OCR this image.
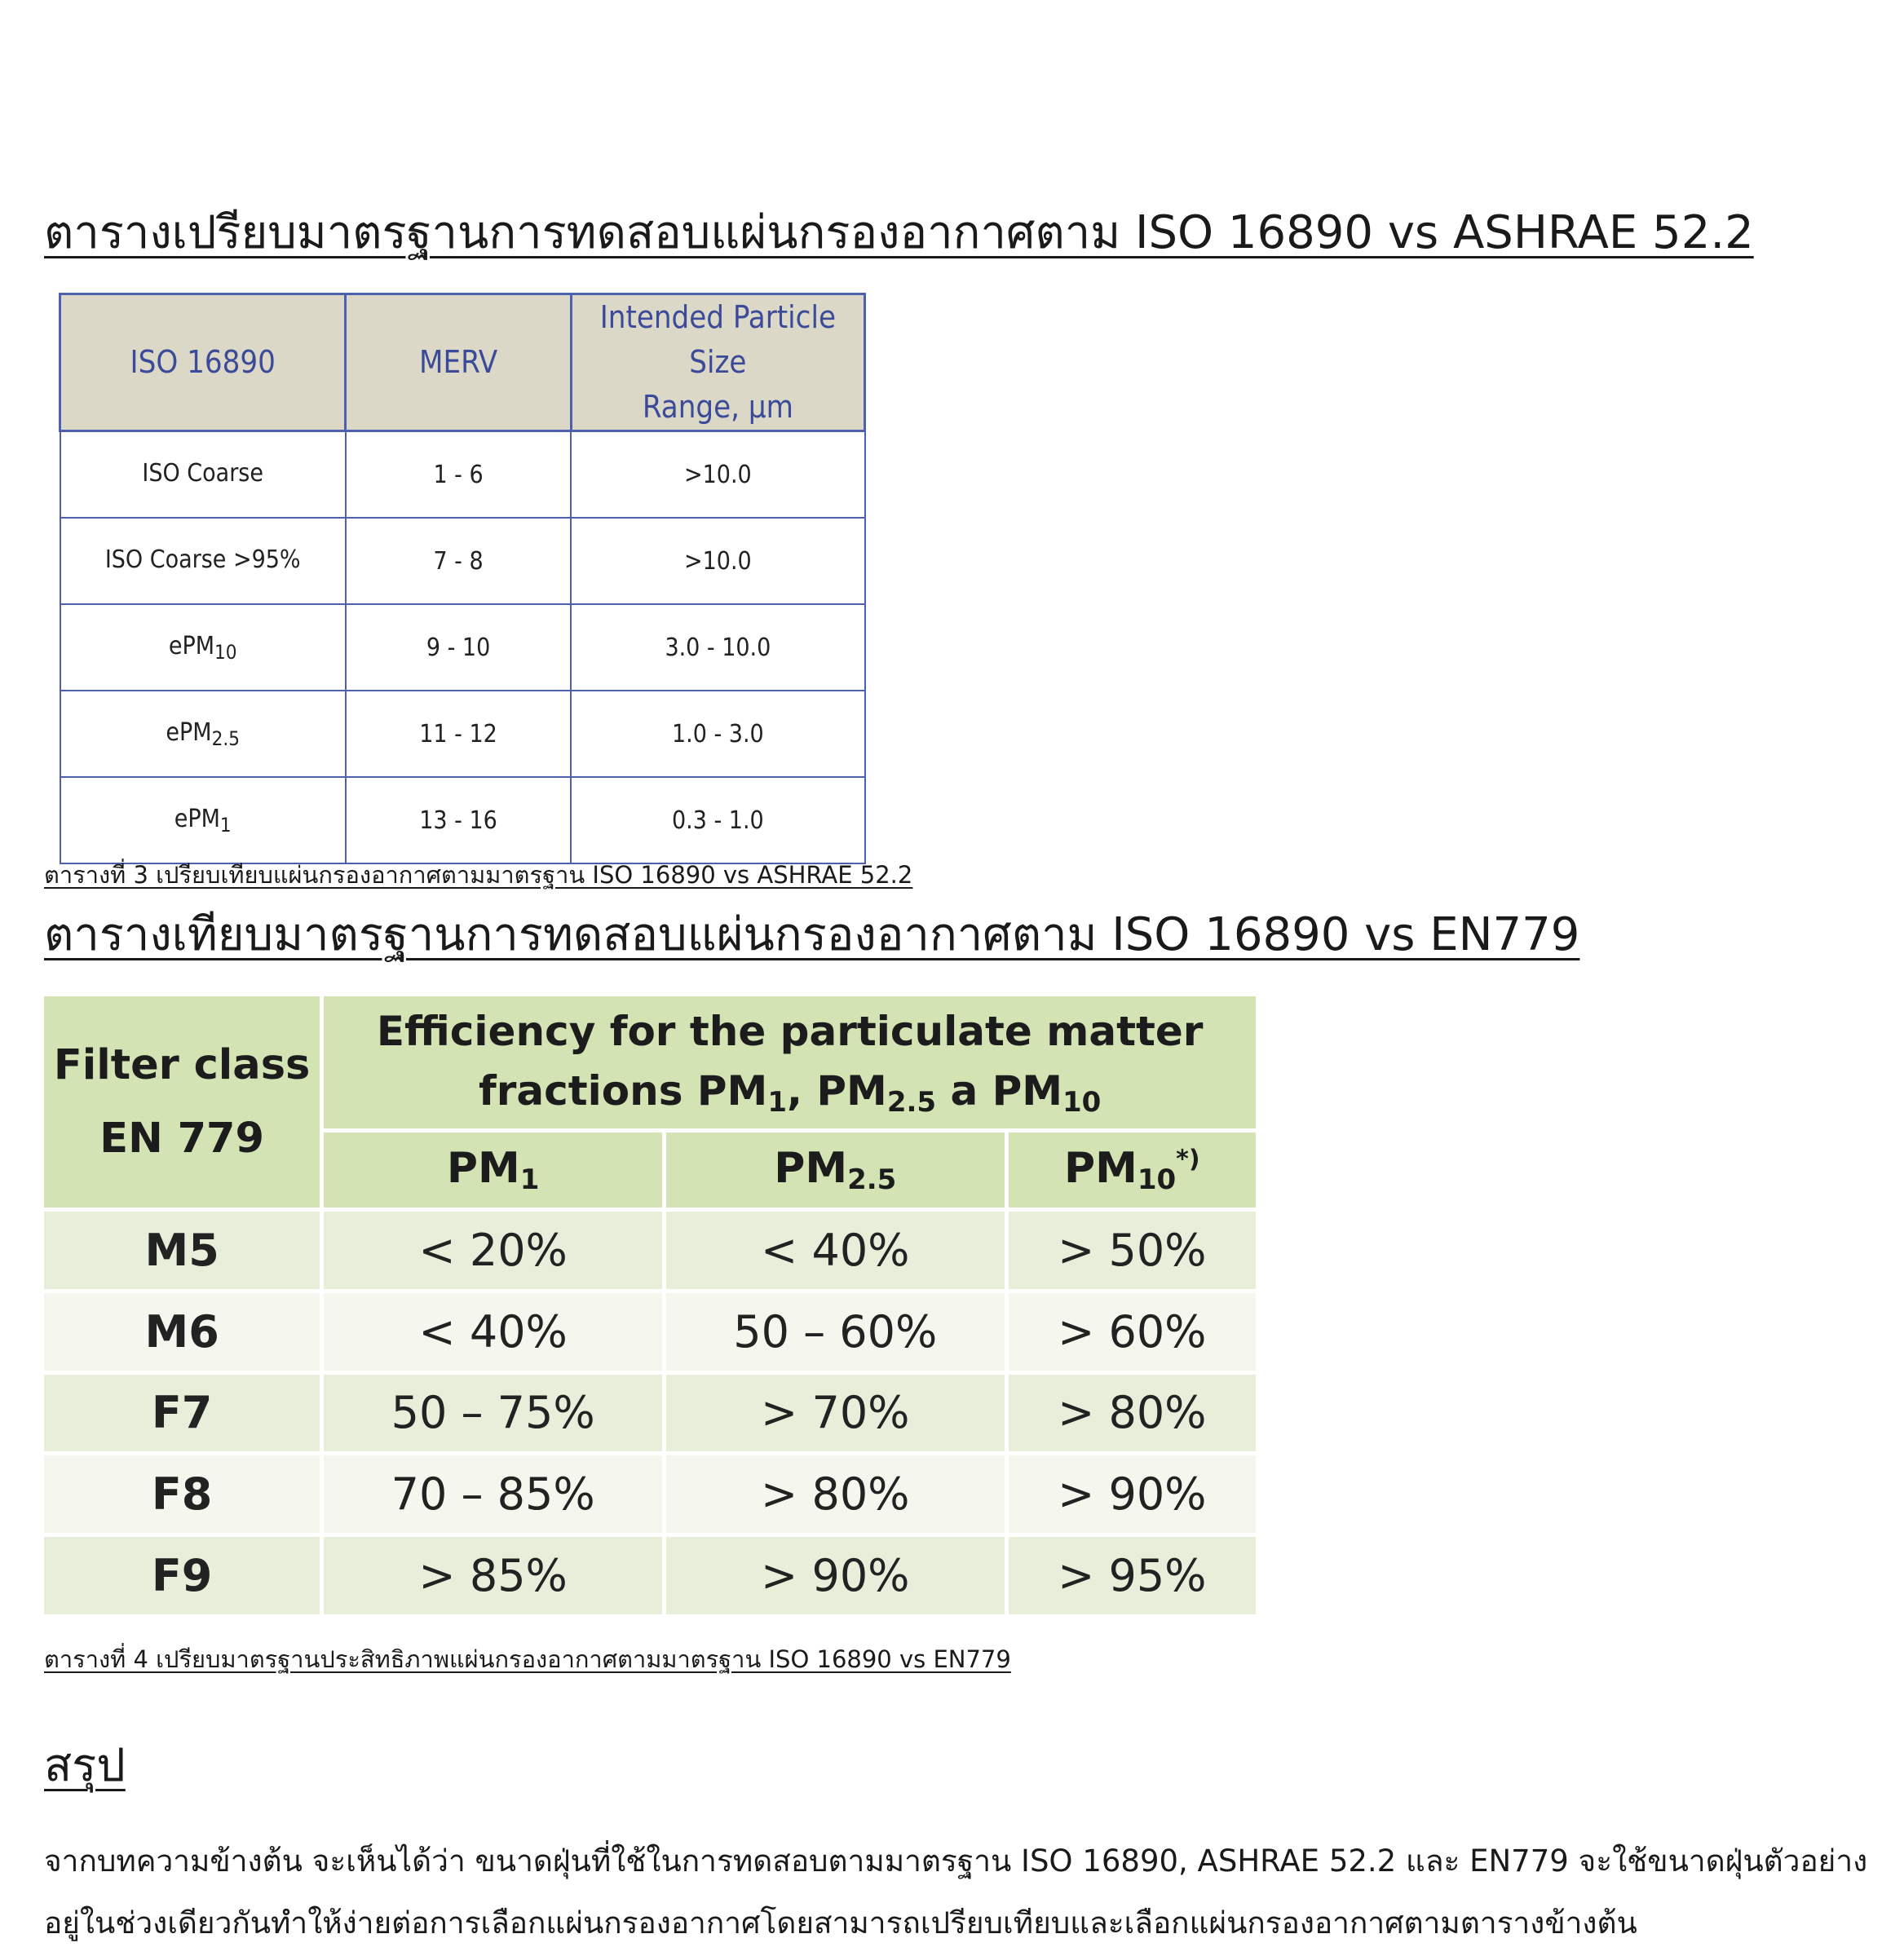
ตารางเปรียบมาตรฐานการทดสอบแผ่นกรองอากาศตาม ISO 16890 vs ASHRAE 52.2
ISO 16890	MERV	Intended Particle Size
Range, µm
ISO Coarse	1 - 6	>10.0
ISO Coarse >95%	7 - 8	>10.0
ePM$_{10}$	9 - 10	3.0 - 10.0
ePM$_{2.5}$	11 - 12	1.0 - 3.0
ePM$_1$	13 - 16	0.3 - 1.0

ตารางที่ 3 เปรียบเทียบแผ่นกรองอากาศตามมาตรฐาน ISO 16890 vs ASHRAE 52.2

ตารางเทียบมาตรฐานการทดสอบแผ่นกรองอากาศตาม ISO 16890 vs EN779
Filter class
EN 779	Efficiency for the particulate matter
fractions $PM_1$, $PM_{2.5}$ a $PM_{10}$
	$PM_1$	$PM_{2.5}$	$PM_{10}^{*)}$
M5	< 20%	< 40%	> 50%
M6	< 40%	50 – 60%	> 60%
F7	50 – 75%	> 70%	> 80%
F8	70 – 85%	> 80%	> 90%
F9	> 85%	> 90%	> 95%

ตารางที่ 4 เปรียบมาตรฐานประสิทธิภาพแผ่นกรองอากาศตามมาตรฐาน ISO 16890 vs EN779

สรุป

จากบทความข้างต้น จะเห็นได้ว่า ขนาดฝุ่นที่ใช้ในการทดสอบตามมาตรฐาน ISO 16890, ASHRAE 52.2 และ EN779 จะใช้ขนาดฝุ่นตัวอย่างอยู่ในช่วงเดียวกันทำให้ง่ายต่อการเลือกแผ่นกรองอากาศโดยสามารถเปรียบเทียบและเลือกแผ่นกรองอากาศตามตารางข้างต้น
